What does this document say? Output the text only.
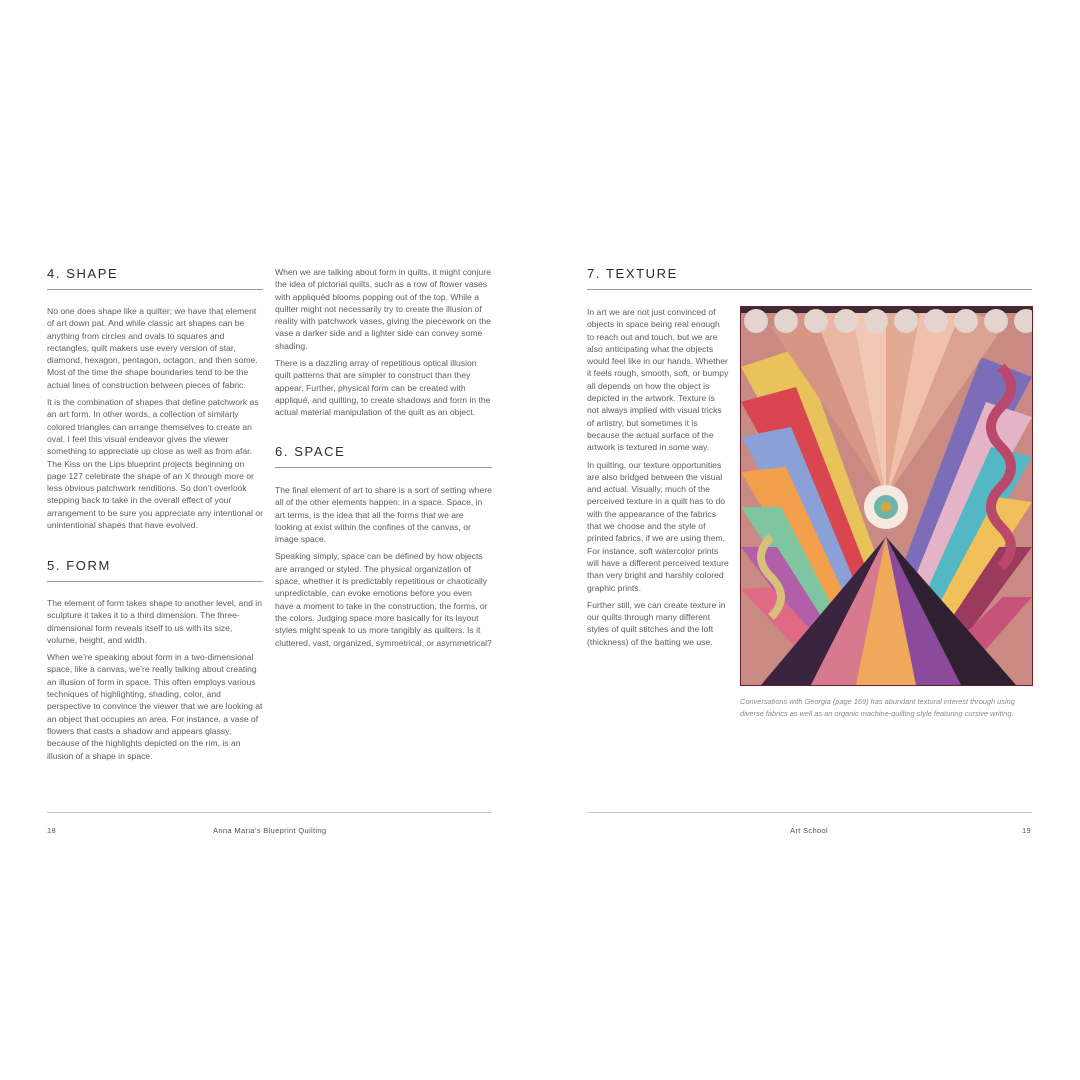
4. SHAPE

No one does shape like a quilter; we have that element of art down pat. And while classic art shapes can be anything from circles and ovals to squares and rectangles, quilt makers use every version of star, diamond, hexagon, pentagon, octagon, and then some. Most of the time the shape boundaries tend to be the actual lines of construction between pieces of fabric.

It is the combination of shapes that define patchwork as an art form. In other words, a collection of similarly colored triangles can arrange themselves to create an oval. I feel this visual endeavor gives the viewer something to appreciate up close as well as from afar. The Kiss on the Lips blueprint projects beginning on page 127 celebrate the shape of an X through more or less obvious patchwork renditions. So don’t overlook stepping back to take in the overall effect of your arrangement to be sure you appreciate any intentional or unintentional shapes that have evolved.

5. FORM

The element of form takes shape to another level, and in sculpture it takes it to a third dimension. The three-dimensional form reveals itself to us with its size, volume, height, and width.

When we’re speaking about form in a two-dimensional space, like a canvas, we’re really talking about creating an illusion of form in space. This often employs various techniques of highlighting, shading, color, and perspective to convince the viewer that we are looking at an object that occupies an area. For instance, a vase of flowers that casts a shadow and appears glassy, because of the highlights depicted on the rim, is an illusion of a shape in space.

When we are talking about form in quilts, it might conjure the idea of pictorial quilts, such as a row of flower vases with appliquéd blooms popping out of the top. While a quilter might not necessarily try to create the illusion of reality with patchwork vases, giving the piecework on the vase a darker side and a lighter side can convey some shading.

There is a dazzling array of repetitious optical illusion quilt patterns that are simpler to construct than they appear. Further, physical form can be created with appliqué, and quilting, to create shadows and form in the actual material manipulation of the quilt as an object.

6. SPACE

The final element of art to share is a sort of setting where all of the other elements happen: in a space. Space, in art terms, is the idea that all the forms that we are looking at exist within the confines of the canvas, or image space.

Speaking simply, space can be defined by how objects are arranged or styled. The physical organization of space, whether it is predictably repetitious or chaotically unpredictable, can evoke emotions before you even have a moment to take in the construction, the forms, or the colors. Judging space more basically for its layout styles might speak to us more tangibly as quilters. Is it cluttered, vast, organized, symmetrical, or asymmetrical?

18	Anna Maria’s Blueprint Quilting
7. TEXTURE

In art we are not just convinced of objects in space being real enough to reach out and touch, but we are also anticipating what the objects would feel like in our hands. Whether it feels rough, smooth, soft, or bumpy all depends on how the object is depicted in the artwork. Texture is not always implied with visual tricks of artistry, but sometimes it is because the actual surface of the artwork is textured in some way.

In quilting, our texture opportunities are also bridged between the visual and actual. Visually, much of the perceived texture in a quilt has to do with the appearance of the fabrics that we choose and the style of printed fabrics, if we are using them. For instance, soft watercolor prints will have a different perceived texture than very bright and harshly colored graphic prints.

Further still, we can create texture in our quilts through many different styles of quilt stitches and the loft (thickness) of the batting we use.

Conversations with Georgia (page 169) has abundant textural interest through using diverse fabrics as well as an organic machine-quilting style featuring cursive writing.
Art School	19
